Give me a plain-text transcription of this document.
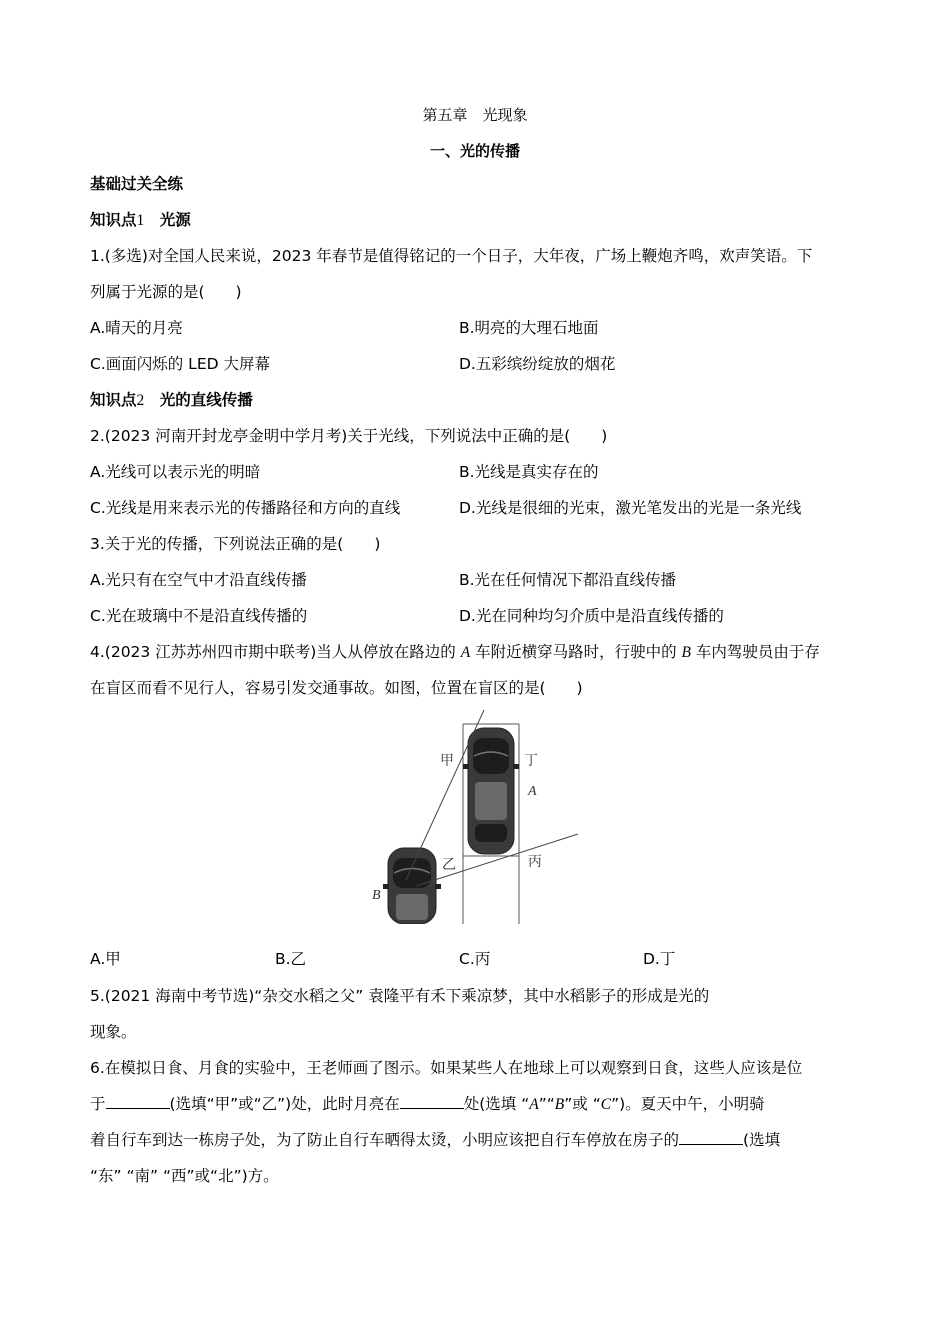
第五章　光现象
一、光的传播
基础过关全练
知识点1　 光源
1.(多选)对全国人民来说，2023 年春节是值得铭记的一个日子，大年夜，广场上鞭炮齐鸣，欢声笑语。下
列属于光源的是(　　)
A.晴天的月亮	B.明亮的大理石地面
C.画面闪烁的 LED 大屏幕	D.五彩缤纷绽放的烟花
知识点2　 光的直线传播
2.(2023 河南开封龙亭金明中学月考)关于光线，下列说法中正确的是(　　)
A.光线可以表示光的明暗	B.光线是真实存在的
C.光线是用来表示光的传播路径和方向的直线	D.光线是很细的光束，激光笔发出的光是一条光线
3.关于光的传播，下列说法正确的是(　　)
A.光只有在空气中才沿直线传播	B.光在任何情况下都沿直线传播
C.光在玻璃中不是沿直线传播的	D.光在同种均匀介质中是沿直线传播的
4.(2023 江苏苏州四市期中联考)当人从停放在路边的 A 车附近横穿马路时，行驶中的 B 车内驾驶员由于存
在盲区而看不见行人，容易引发交通事故。如图，位置在盲区的是(　　)
甲	丁
A
乙	丙
B
A.甲	B.乙	C.丙	D.丁
5.(2021 海南中考节选)“杂交水稻之父” 袁隆平有禾下乘凉梦，其中水稻影子的形成是光的
现象。
6.在模拟日食、月食的实验中，王老师画了图示。如果某些人在地球上可以观察到日食，这些人应该是位
于	(选填“甲”或“乙”)处，此时月亮在	处(选填 “A”“B”或 “C”)。夏天中午，小明骑
着自行车到达一栋房子处，为了防止自行车晒得太烫，小明应该把自行车停放在房子的	(选填
“东” “南” “西”或“北”)方。
